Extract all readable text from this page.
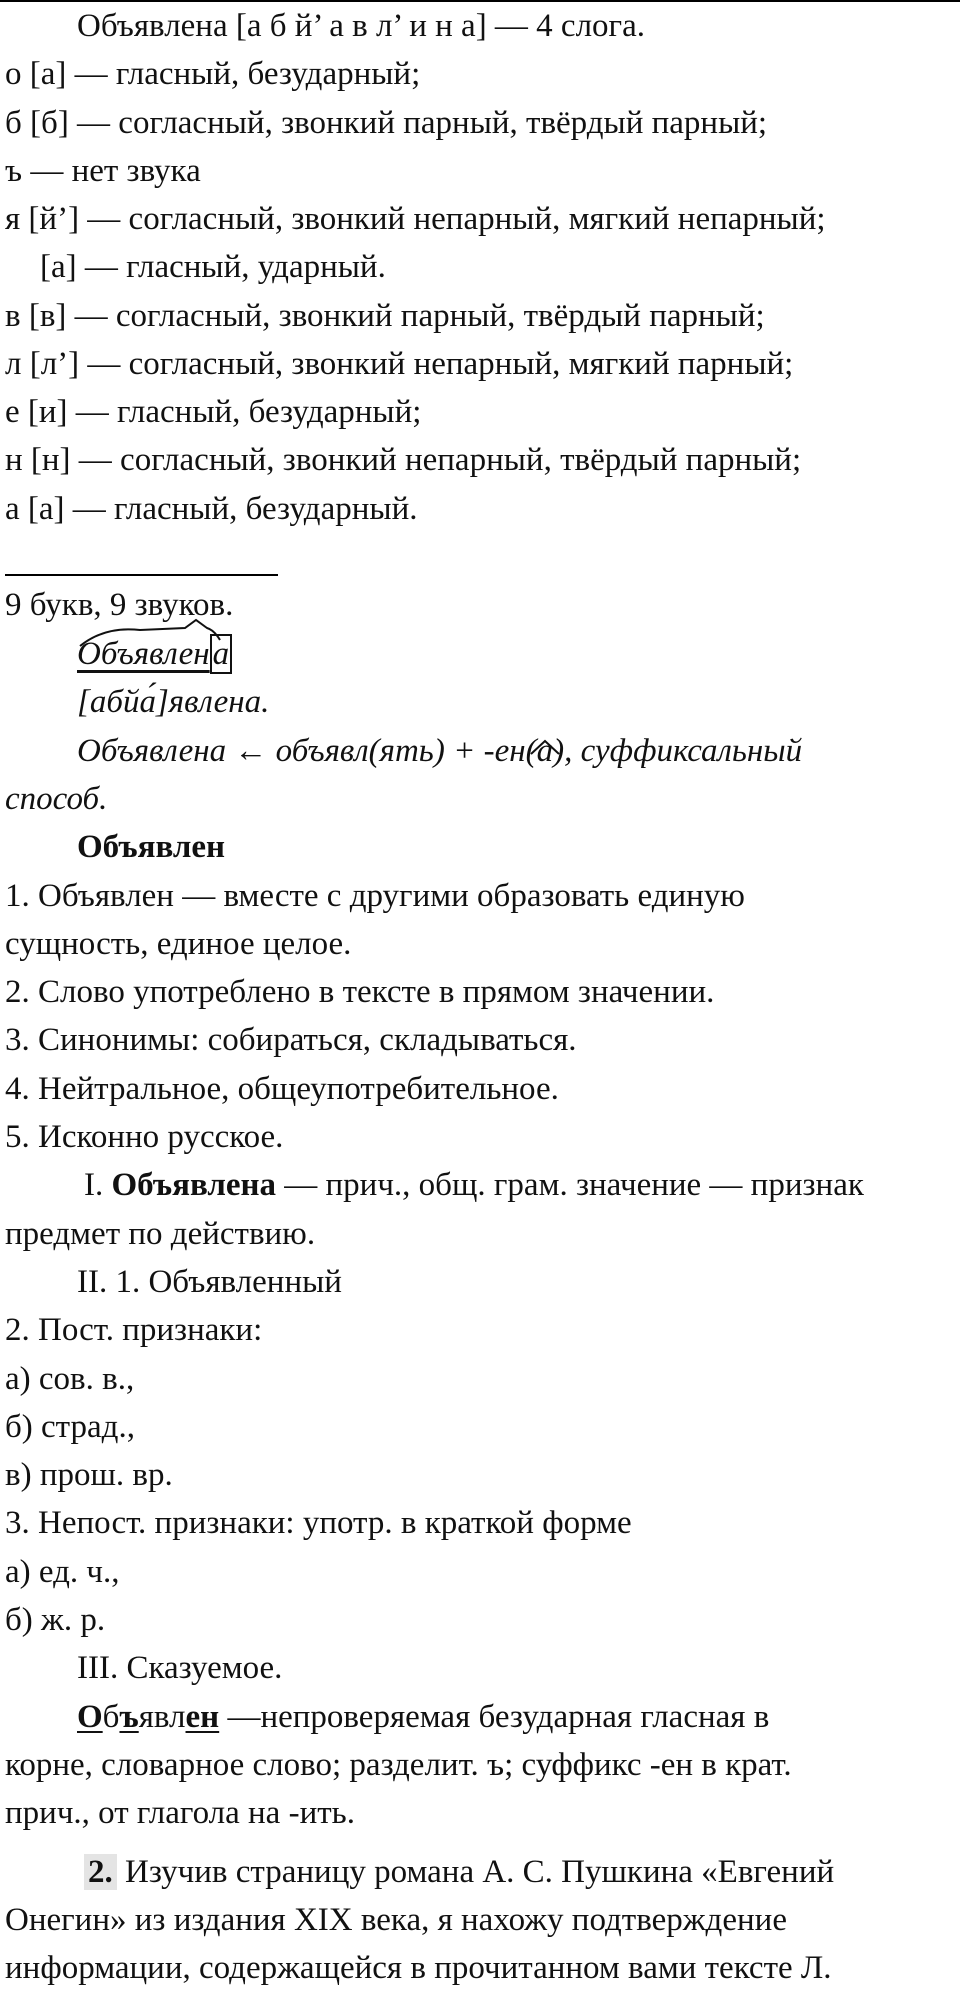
Объявлена [а б й’ а в л’ и н а] — 4 слога.
о [а] — гласный, безударный;
б [б] — согласный, звонкий парный, твёрдый парный;
ъ — нет звука
я [й’] — согласный, звонкий непарный, мягкий непарный;
[а] — гласный, ударный.
в [в] — согласный, звонкий парный, твёрдый парный;
л [л’] — согласный, звонкий непарный, мягкий парный;
е [и] — гласный, безударный;
н [н] — согласный, звонкий непарный, твёрдый парный;
а [а] — гласный, безударный.
9 букв, 9 звуков.
Объявлена
[абйа́]явлена.
Объявлена ← объявл(ять) + -ен(а), суффиксальный
способ.
Объявлен
1. Объявлен — вместе с другими образовать единую
сущность, единое целое.
2. Слово употреблено в тексте в прямом значении.
3. Синонимы: собираться, складываться.
4. Нейтральное, общеупотребительное.
5. Исконно русское.
I. Объявлена — прич., общ. грам. значение — признак
предмет по действию.
II. 1. Объявленный
2. Пост. признаки:
а) сов. в.,
б) страд.,
в) прош. вр.
3. Непост. признаки: употр. в краткой форме
а) ед. ч.,
б) ж. р.
III. Сказуемое.
Объявлен —непроверяемая безударная гласная в
корне, словарное слово; разделит. ъ; суффикс -ен в крат.
прич., от глагола на -ить.
2. Изучив страницу романа А. С. Пушкина «Евгений
Онегин» из издания XIX века, я нахожу подтверждение
информации, содержащейся в прочитанном вами тексте Л.
